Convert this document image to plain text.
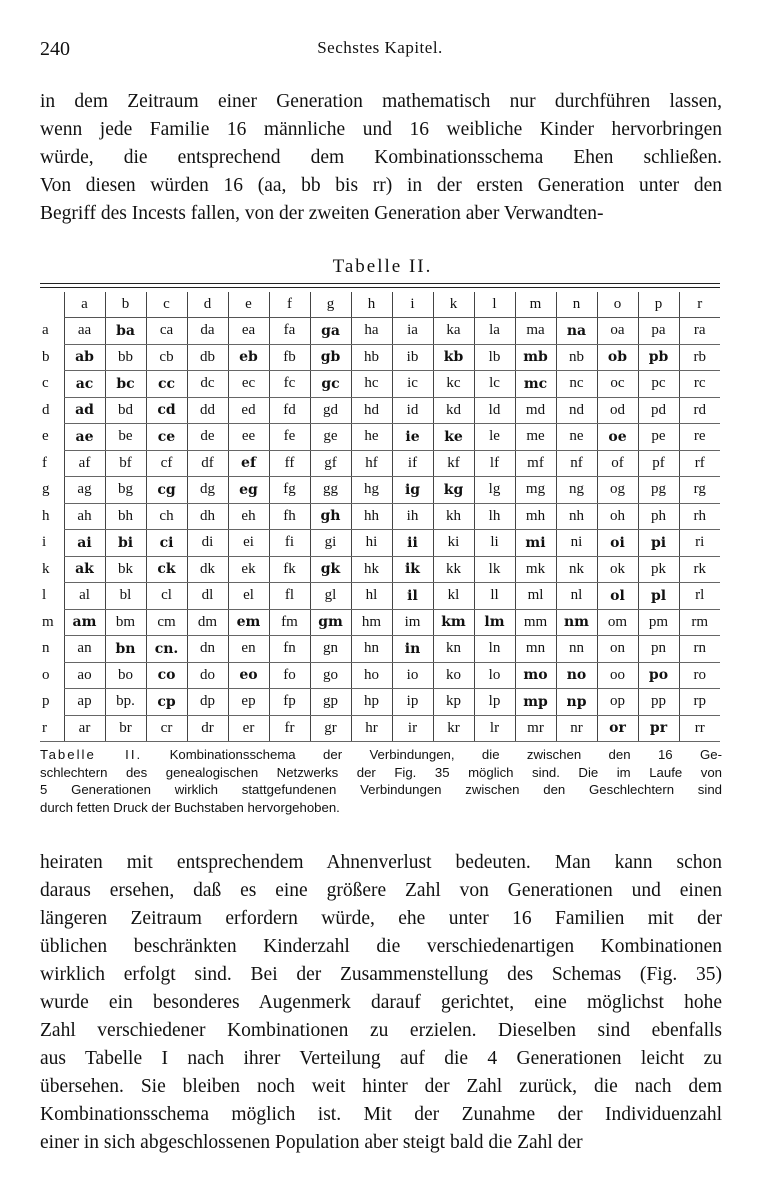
240	Sechstes Kapitel.

in dem Zeitraum einer Generation mathematisch nur durchführen lassen,
wenn jede Familie 16 männliche und 16 weibliche Kinder hervorbringen
würde, die entsprechend dem Kombinationsschema Ehen schließen.
Von diesen würden 16 (aa, bb bis rr) in der ersten Generation unter den
Begriff des Incests fallen, von der zweiten Generation aber Verwandten-

Tabelle II.
	a	b	c	d	e	f	g	h	i	k	l	m	n	o	p	r
a	aa	ba	ca	da	ea	fa	ga	ha	ia	ka	la	ma	na	oa	pa	ra
b	ab	bb	cb	db	eb	fb	gb	hb	ib	kb	lb	mb	nb	ob	pb	rb
c	ac	bc	cc	dc	ec	fc	gc	hc	ic	kc	lc	mc	nc	oc	pc	rc
d	ad	bd	cd	dd	ed	fd	gd	hd	id	kd	ld	md	nd	od	pd	rd
e	ae	be	ce	de	ee	fe	ge	he	ie	ke	le	me	ne	oe	pe	re
f	af	bf	cf	df	ef	ff	gf	hf	if	kf	lf	mf	nf	of	pf	rf
g	ag	bg	cg	dg	eg	fg	gg	hg	ig	kg	lg	mg	ng	og	pg	rg
h	ah	bh	ch	dh	eh	fh	gh	hh	ih	kh	lh	mh	nh	oh	ph	rh
i	ai	bi	ci	di	ei	fi	gi	hi	ii	ki	li	mi	ni	oi	pi	ri
k	ak	bk	ck	dk	ek	fk	gk	hk	ik	kk	lk	mk	nk	ok	pk	rk
l	al	bl	cl	dl	el	fl	gl	hl	il	kl	ll	ml	nl	ol	pl	rl
m	am	bm	cm	dm	em	fm	gm	hm	im	km	lm	mm	nm	om	pm	rm
n	an	bn	cn.	dn	en	fn	gn	hn	in	kn	ln	mn	nn	on	pn	rn
o	ao	bo	co	do	eo	fo	go	ho	io	ko	lo	mo	no	oo	po	ro
p	ap	bp.	cp	dp	ep	fp	gp	hp	ip	kp	lp	mp	np	op	pp	rp
r	ar	br	cr	dr	er	fr	gr	hr	ir	kr	lr	mr	nr	or	pr	rr
Tabelle II. Kombinationsschema der Verbindungen, die zwischen den 16 Ge-
schlechtern des genealogischen Netzwerks der Fig. 35 möglich sind. Die im Laufe von
5 Generationen wirklich stattgefundenen Verbindungen zwischen den Geschlechtern sind
durch fetten Druck der Buchstaben hervorgehoben.

heiraten mit entsprechendem Ahnenverlust bedeuten. Man kann schon
daraus ersehen, daß es eine größere Zahl von Generationen und einen
längeren Zeitraum erfordern würde, ehe unter 16 Familien mit der
üblichen beschränkten Kinderzahl die verschiedenartigen Kombinationen
wirklich erfolgt sind. Bei der Zusammenstellung des Schemas (Fig. 35)
wurde ein besonderes Augenmerk darauf gerichtet, eine möglichst hohe
Zahl verschiedener Kombinationen zu erzielen. Dieselben sind ebenfalls
aus Tabelle I nach ihrer Verteilung auf die 4 Generationen leicht zu
übersehen. Sie bleiben noch weit hinter der Zahl zurück, die nach dem
Kombinationsschema möglich ist. Mit der Zunahme der Individuenzahl
einer in sich abgeschlossenen Population aber steigt bald die Zahl der
